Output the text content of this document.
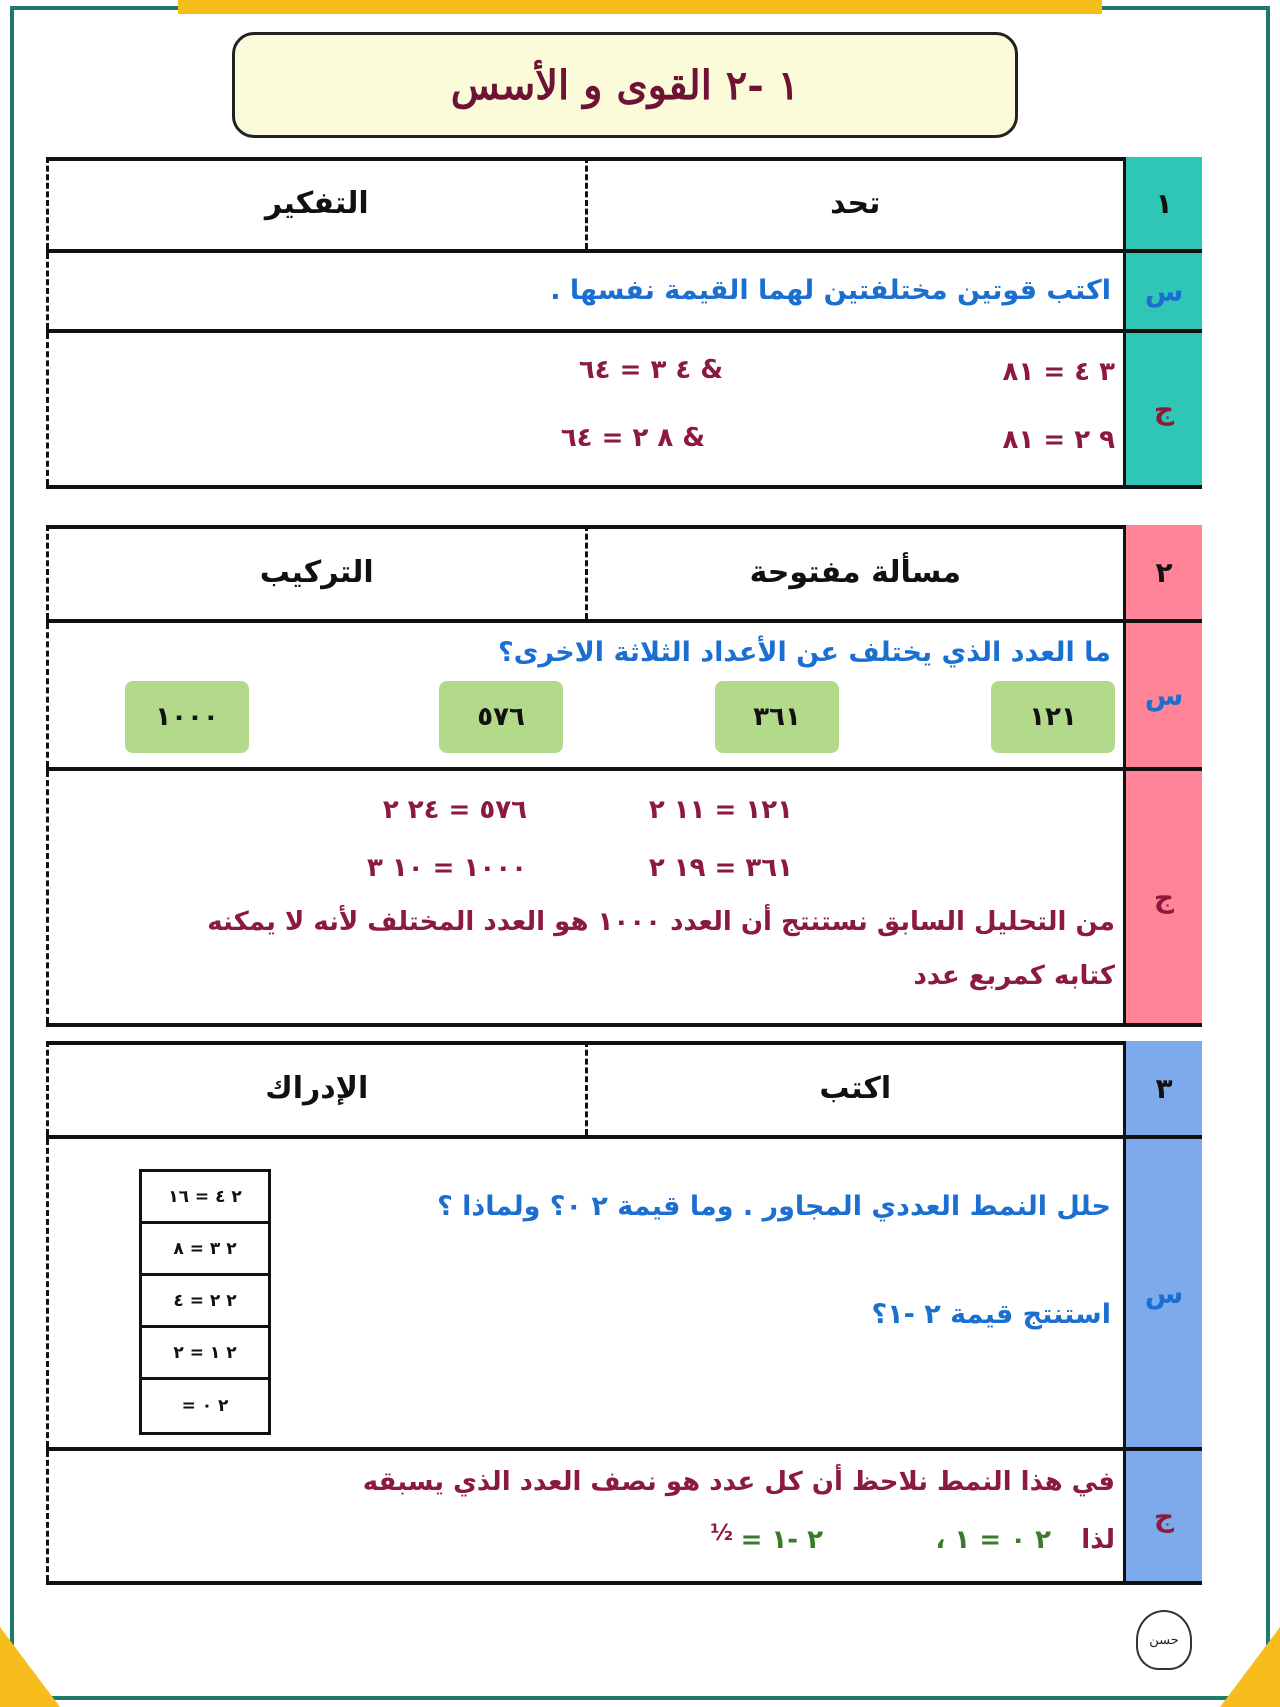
١ -٢ القوى و الأسس
١
تحد
التفكير
س
اكتب قوتين مختلفتين لهما القيمة نفسها .
ج
٣ ٤ = ٨١
& ٤ ٣ = ٦٤
٩ ٢ = ٨١
& ٨ ٢ = ٦٤
٢
مسألة مفتوحة
التركيب
س
ما العدد الذي يختلف عن الأعداد الثلاثة الاخرى؟
١٢١
٣٦١
٥٧٦
١٠٠٠
ج
١٢١ = ١١ ٢
٥٧٦ = ٢٤ ٢
٣٦١ = ١٩ ٢
١٠٠٠ = ١٠ ٣
من التحليل السابق نستنتج أن العدد ١٠٠٠ هو العدد المختلف لأنه لا يمكنه
كتابه كمربع عدد
٣
اكتب
الإدراك
س
حلل النمط العددي المجاور . وما قيمة ٢ ٠؟ ولماذا ؟
استنتج قيمة ٢ -١؟
٢ ٤ = ١٦
٢ ٣ = ٨
٢ ٢ = ٤
٢ ١ = ٢
٢ ٠ =
ج
في هذا النمط نلاحظ أن كل عدد هو نصف العدد الذي يسبقه
لذا
٢ ٠ = ١ ،
٢ -١ =
½
حسن
